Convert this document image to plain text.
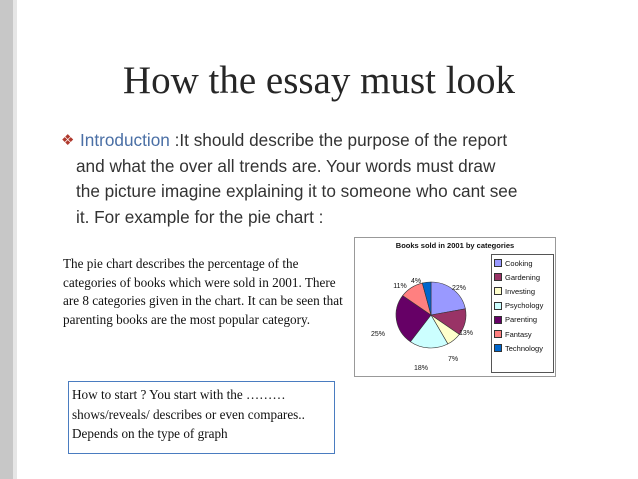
How the essay must look
❖ Introduction :It should describe the purpose of the report
and what the over all trends are. Your words must draw
the picture imagine explaining it to someone who cant see
it. For example for the pie chart :
The pie chart describes the percentage of the categories of books which were sold in 2001. There are 8 categories given in the chart. It can be seen that parenting books are the most popular category.
How to start ? You start with the ……… shows/reveals/ describes or even compares.. Depends on the type of graph
Books sold in 2001 by categories
22%
13%
7%
18%
25%
11%
4%
Cooking
Gardening
Investing
Psychology
Parenting
Fantasy
Technology
